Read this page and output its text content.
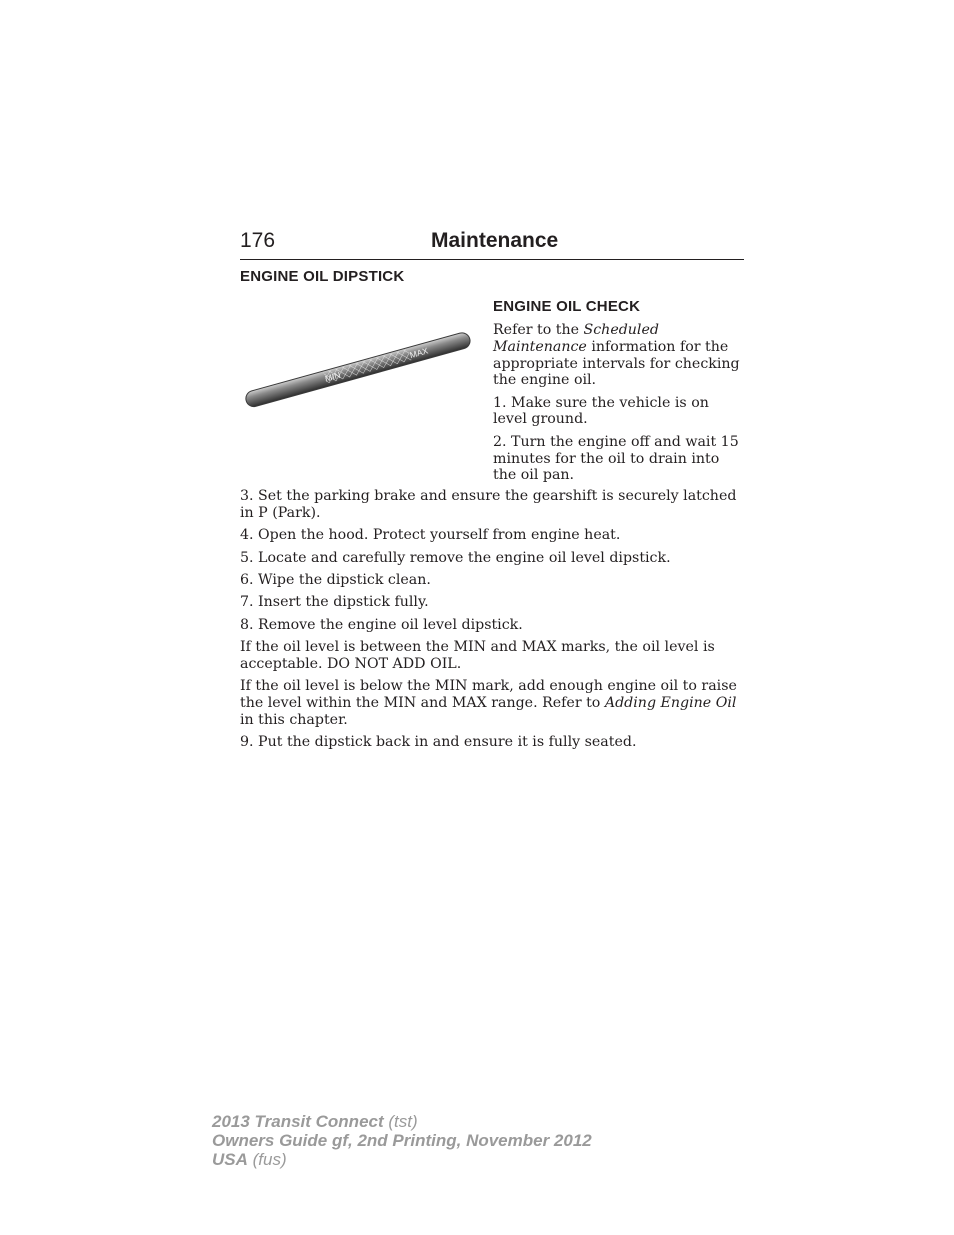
176	Maintenance
ENGINE OIL DIPSTICK
MIN
MAX
ENGINE OIL CHECK

Refer to the Scheduled Maintenance information for the appropriate intervals for checking the engine oil.

1. Make sure the vehicle is on level ground.

2. Turn the engine off and wait 15 minutes for the oil to drain into the oil pan.

3. Set the parking brake and ensure the gearshift is securely latched in P (Park).

4. Open the hood. Protect yourself from engine heat.

5. Locate and carefully remove the engine oil level dipstick.

6. Wipe the dipstick clean.

7. Insert the dipstick fully.

8. Remove the engine oil level dipstick.

If the oil level is between the MIN and MAX marks, the oil level is acceptable. DO NOT ADD OIL.

If the oil level is below the MIN mark, add enough engine oil to raise the level within the MIN and MAX range. Refer to Adding Engine Oil in this chapter.

9. Put the dipstick back in and ensure it is fully seated.

2013 Transit Connect (tst)
Owners Guide gf, 2nd Printing, November 2012
USA (fus)
